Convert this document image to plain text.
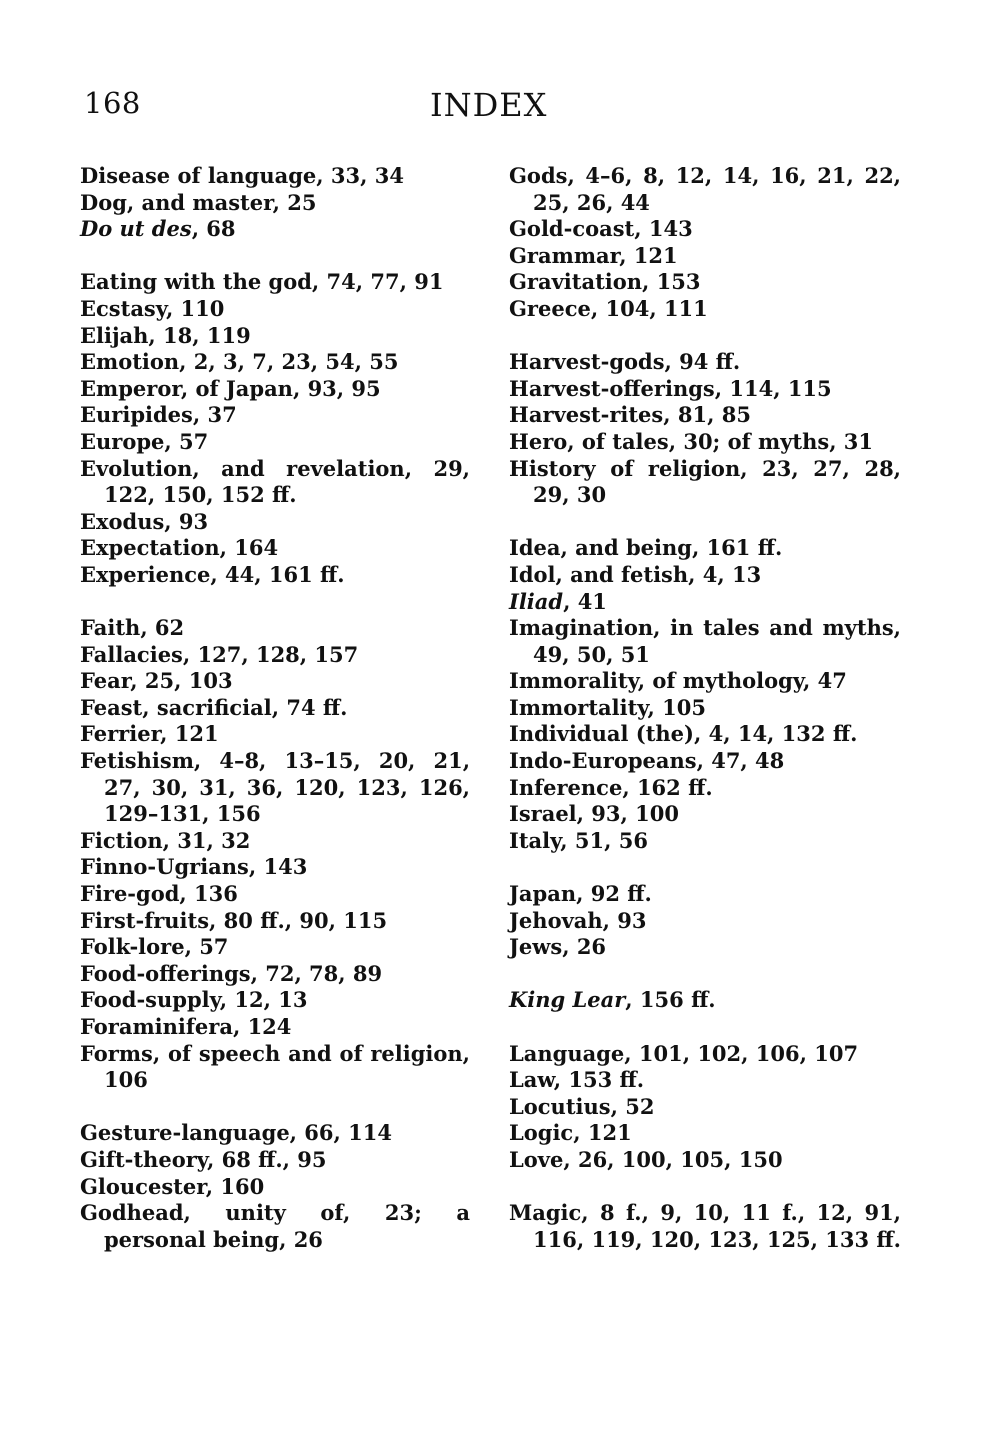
168	INDEX
Disease of language, 33, 34
Dog, and master, 25
Do ut des, 68
Eating with the god, 74, 77, 91
Ecstasy, 110
Elijah, 18, 119
Emotion, 2, 3, 7, 23, 54, 55
Emperor, of Japan, 93, 95
Euripides, 37
Europe, 57
Evolution, and revelation, 29, 122, 150, 152 ff.
Exodus, 93
Expectation, 164
Experience, 44, 161 ff.
Faith, 62
Fallacies, 127, 128, 157
Fear, 25, 103
Feast, sacrificial, 74 ff.
Ferrier, 121
Fetishism, 4–8, 13–15, 20, 21, 27, 30, 31, 36, 120, 123, 126, 129–131, 156
Fiction, 31, 32
Finno-Ugrians, 143
Fire-god, 136
First-fruits, 80 ff., 90, 115
Folk-lore, 57
Food-offerings, 72, 78, 89
Food-supply, 12, 13
Foraminifera, 124
Forms, of speech and of religion, 106
Gesture-language, 66, 114
Gift-theory, 68 ff., 95
Gloucester, 160
Godhead, unity of, 23; a personal being, 26
Gods, 4–6, 8, 12, 14, 16, 21, 22, 25, 26, 44
Gold-coast, 143
Grammar, 121
Gravitation, 153
Greece, 104, 111
Harvest-gods, 94 ff.
Harvest-offerings, 114, 115
Harvest-rites, 81, 85
Hero, of tales, 30; of myths, 31
History of religion, 23, 27, 28, 29, 30
Idea, and being, 161 ff.
Idol, and fetish, 4, 13
Iliad, 41
Imagination, in tales and myths, 49, 50, 51
Immorality, of mythology, 47
Immortality, 105
Individual (the), 4, 14, 132 ff.
Indo-Europeans, 47, 48
Inference, 162 ff.
Israel, 93, 100
Italy, 51, 56
Japan, 92 ff.
Jehovah, 93
Jews, 26
King Lear, 156 ff.
Language, 101, 102, 106, 107
Law, 153 ff.
Locutius, 52
Logic, 121
Love, 26, 100, 105, 150
Magic, 8 f., 9, 10, 11 f., 12, 91, 116, 119, 120, 123, 125, 133 ff.
